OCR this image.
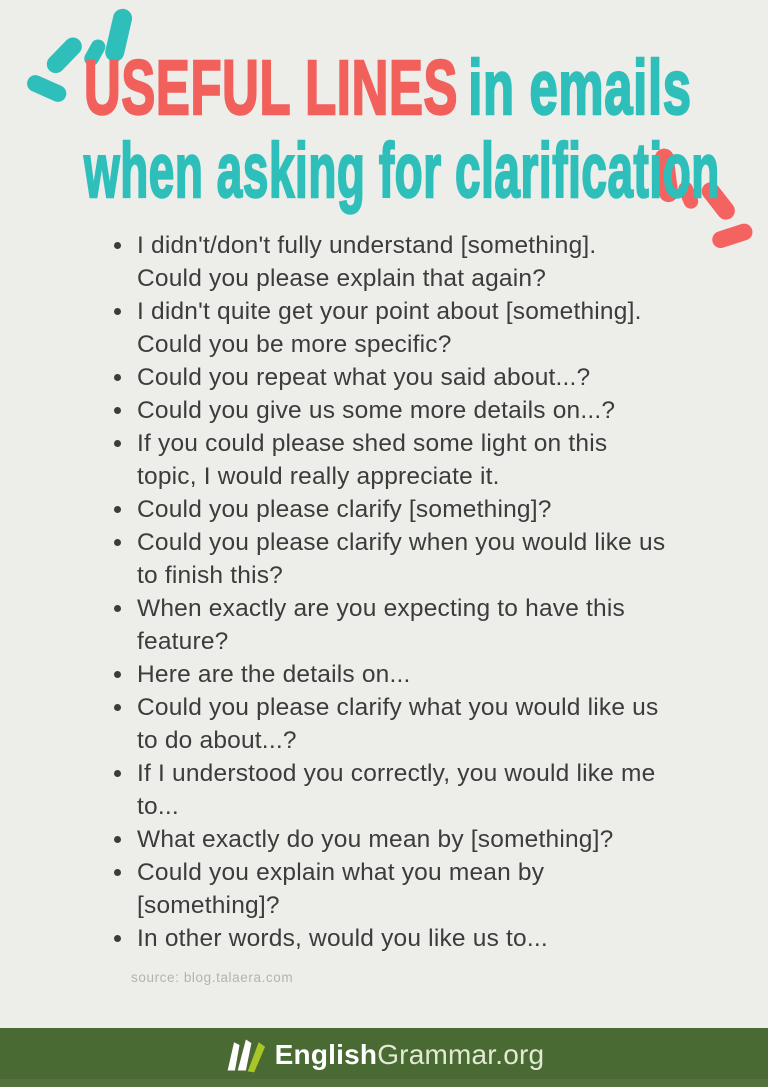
USEFUL LINES in emails
when asking for clarification
I didn't/don't fully understand [something]. Could you please explain that again?
I didn't quite get your point about [something]. Could you be more specific?
Could you repeat what you said about...?
Could you give us some more details on...?
If you could please shed some light on this topic, I would really appreciate it.
Could you please clarify [something]?
Could you please clarify when you would like us to finish this?
When exactly are you expecting to have this feature?
Here are the details on...
Could you please clarify what you would like us to do about...?
If I understood you correctly, you would like me to...
What exactly do you mean by [something]?
Could you explain what you mean by [something]?
In other words, would you like us to...
source: blog.talaera.com
EnglishGrammar.org
